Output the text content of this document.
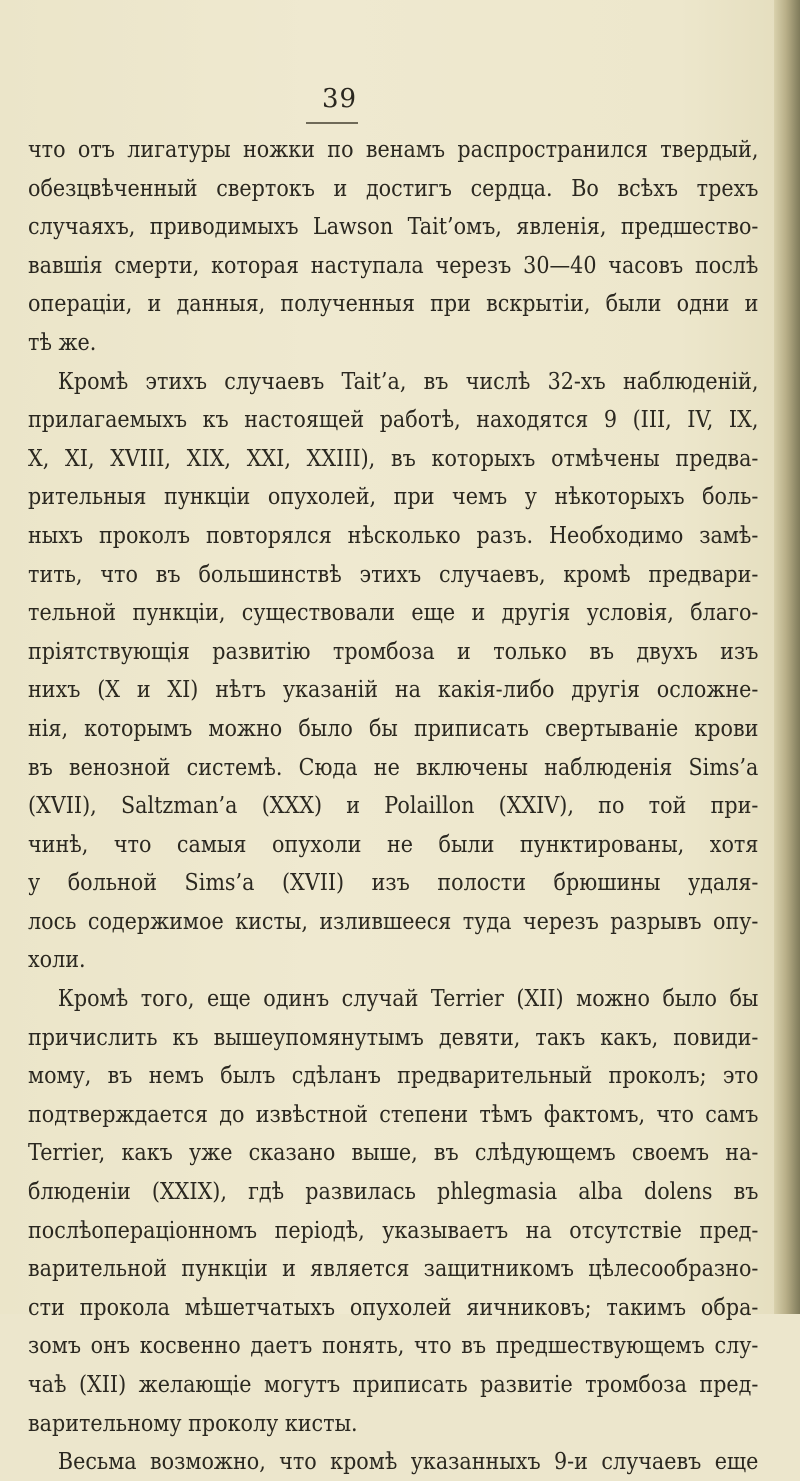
39
что отъ лигатуры ножки по венамъ распространился твердый,
обезцвѣченный свертокъ и достигъ сердца. Во всѣхъ трехъ
случаяхъ, приводимыхъ Lawson Tait’омъ, явленія, предшество-
вавшія смерти, которая наступала черезъ 30—40 часовъ послѣ
операціи, и данныя, полученныя при вскрытіи, были одни и
тѣ же.
Кромѣ этихъ случаевъ Tait’а, въ числѣ 32-хъ наблюденій,
прилагаемыхъ къ настоящей работѣ, находятся 9 (III, IV, IX,
X, XI, XVIII, XIX, XXI, XXIII), въ которыхъ отмѣчены предва-
рительныя пункціи опухолей, при чемъ у нѣкоторыхъ боль-
ныхъ проколъ повторялся нѣсколько разъ. Необходимо замѣ-
тить, что въ большинствѣ этихъ случаевъ, кромѣ предвари-
тельной пункціи, существовали еще и другія условія, благо-
пріятствующія развитію тромбоза и только въ двухъ изъ
нихъ (X и XI) нѣтъ указаній на какія-либо другія осложне-
нія, которымъ можно было бы приписать свертываніе крови
въ венозной системѣ. Сюда не включены наблюденія Sims’а
(XVII), Saltzman’а (XXX) и Polaillon (XXIV), по той при-
чинѣ, что самыя опухоли не были пунктированы, хотя
у больной Sims’а (XVII) изъ полости брюшины удаля-
лось содержимое кисты, излившееся туда черезъ разрывъ опу-
холи.
Кромѣ того, еще одинъ случай Terrier (XII) можно было бы
причислить къ вышеупомянутымъ девяти, такъ какъ, повиди-
мому, въ немъ былъ сдѣланъ предварительный проколъ; это
подтверждается до извѣстной степени тѣмъ фактомъ, что самъ
Terrier, какъ уже сказано выше, въ слѣдующемъ своемъ на-
блюденіи (XXIX), гдѣ развилась phlegmasia alba dolens въ
послѣоперaціонномъ періодѣ, указываетъ на отсутствіе пред-
варительной пункціи и является защитникомъ цѣлесообразно-
сти прокола мѣшетчатыхъ опухолей яичниковъ; такимъ обра-
зомъ онъ косвенно даетъ понять, что въ предшествующемъ слу-
чаѣ (XII) желающіе могутъ приписать развитіе тромбоза пред-
варительному проколу кисты.
Весьма возможно, что кромѣ указанныхъ 9-и случаевъ еще
